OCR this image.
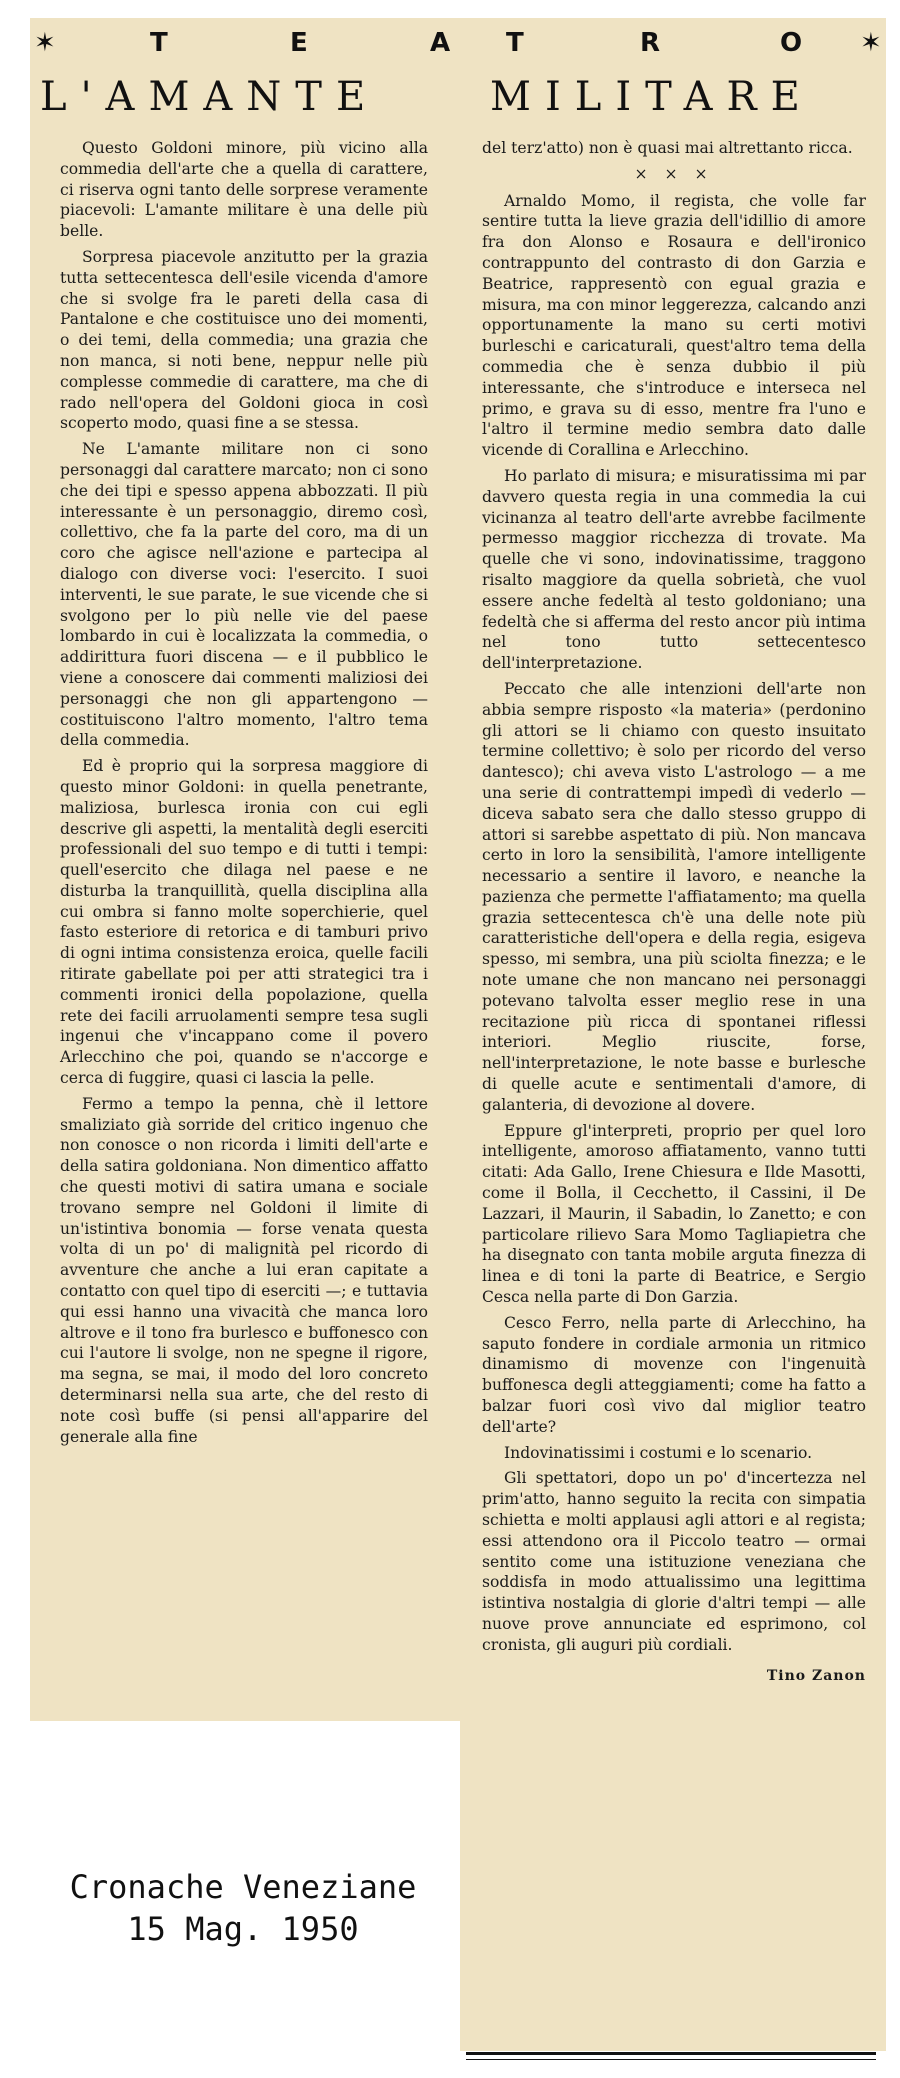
✶	T	E	A T	R	O ✶
L'AMANTE	MILITARE

Questo Goldoni minore, più vicino alla commedia dell'arte che a quella di carattere, ci riserva ogni tanto delle sorprese veramente piacevoli: L'amante militare è una delle più belle.

Sorpresa piacevole anzitutto per la grazia tutta settecentesca dell'esile vicenda d'amore che si svolge fra le pareti della casa di Pantalone e che costituisce uno dei momenti, o dei temi, della commedia; una grazia che non manca, si noti bene, neppur nelle più complesse commedie di carattere, ma che di rado nell'opera del Goldoni gioca in così scoperto modo, quasi fine a se stessa.

Ne L'amante militare non ci sono personaggi dal carattere marcato; non ci sono che dei tipi e spesso appena abbozzati. Il più interessante è un personaggio, diremo così, collettivo, che fa la parte del coro, ma di un coro che agisce nell'azione e partecipa al dialogo con diverse voci: l'esercito. I suoi interventi, le sue parate, le sue vicende che si svolgono per lo più nelle vie del paese lombardo in cui è localizzata la commedia, o addirittura fuori discena — e il pubblico le viene a conoscere dai commenti maliziosi dei personaggi che non gli appartengono — costituiscono l'altro momento, l'altro tema della commedia.

Ed è proprio qui la sorpresa maggiore di questo minor Goldoni: in quella penetrante, maliziosa, burlesca ironia con cui egli descrive gli aspetti, la mentalità degli eserciti professionali del suo tempo e di tutti i tempi: quell'esercito che dilaga nel paese e ne disturba la tranquillità, quella disciplina alla cui ombra si fanno molte soperchierie, quel fasto esteriore di retorica e di tamburi privo di ogni intima consistenza eroica, quelle facili ritirate gabellate poi per atti strategici tra i commenti ironici della popolazione, quella rete dei facili arruolamenti sempre tesa sugli ingenui che v'incappano come il povero Arlecchino che poi, quando se n'accorge e cerca di fuggire, quasi ci lascia la pelle.

Fermo a tempo la penna, chè il lettore smaliziato già sorride del critico ingenuo che non conosce o non ricorda i limiti dell'arte e della satira goldoniana. Non dimentico affatto che questi motivi di satira umana e sociale trovano sempre nel Goldoni il limite di un'istintiva bonomia — forse venata questa volta di un po' di malignità pel ricordo di avventure che anche a lui eran capitate a contatto con quel tipo di eserciti —; e tuttavia qui essi hanno una vivacità che manca loro altrove e il tono fra burlesco e buffonesco con cui l'autore li svolge, non ne spegne il rigore, ma segna, se mai, il modo del loro concreto determinarsi nella sua arte, che del resto di note così buffe (si pensi all'apparire del generale alla fine

del terz'atto) non è quasi mai altrettanto ricca.

× × ×

Arnaldo Momo, il regista, che volle far sentire tutta la lieve grazia dell'idillio di amore fra don Alonso e Rosaura e dell'ironico contrappunto del contrasto di don Garzia e Beatrice, rappresentò con egual grazia e misura, ma con minor leggerezza, calcando anzi opportunamente la mano su certi motivi burleschi e caricaturali, quest'altro tema della commedia che è senza dubbio il più interessante, che s'introduce e interseca nel primo, e grava su di esso, mentre fra l'uno e l'altro il termine medio sembra dato dalle vicende di Corallina e Arlecchino.

Ho parlato di misura; e misuratissima mi par davvero questa regia in una commedia la cui vicinanza al teatro dell'arte avrebbe facilmente permesso maggior ricchezza di trovate. Ma quelle che vi sono, indovinatissime, traggono risalto maggiore da quella sobrietà, che vuol essere anche fedeltà al testo goldoniano; una fedeltà che si afferma del resto ancor più intima nel tono tutto settecentesco dell'interpretazione.

Peccato che alle intenzioni dell'arte non abbia sempre risposto «la materia» (perdonino gli attori se li chiamo con questo insuitato termine collettivo; è solo per ricordo del verso dantesco); chi aveva visto L'astrologo — a me una serie di contrattempi impedì di vederlo — diceva sabato sera che dallo stesso gruppo di attori si sarebbe aspettato di più. Non mancava certo in loro la sensibilità, l'amore intelligente necessario a sentire il lavoro, e neanche la pazienza che permette l'affiatamento; ma quella grazia settecentesca ch'è una delle note più caratteristiche dell'opera e della regia, esigeva spesso, mi sembra, una più sciolta finezza; e le note umane che non mancano nei personaggi potevano talvolta esser meglio rese in una recitazione più ricca di spontanei riflessi interiori. Meglio riuscite, forse, nell'interpretazione, le note basse e burlesche di quelle acute e sentimentali d'amore, di galanteria, di devozione al dovere.

Eppure gl'interpreti, proprio per quel loro intelligente, amoroso affiatamento, vanno tutti citati: Ada Gallo, Irene Chiesura e Ilde Masotti, come il Bolla, il Cecchetto, il Cassini, il De Lazzari, il Maurin, il Sabadin, lo Zanetto; e con particolare rilievo Sara Momo Tagliapietra che ha disegnato con tanta mobile arguta finezza di linea e di toni la parte di Beatrice, e Sergio Cesca nella parte di Don Garzia.

Cesco Ferro, nella parte di Arlecchino, ha saputo fondere in cordiale armonia un ritmico dinamismo di movenze con l'ingenuità buffonesca degli atteggiamenti; come ha fatto a balzar fuori così vivo dal miglior teatro dell'arte?

Indovinatissimi i costumi e lo scenario.

Gli spettatori, dopo un po' d'incertezza nel prim'atto, hanno seguito la recita con simpatia schietta e molti applausi agli attori e al regista; essi attendono ora il Piccolo teatro — ormai sentito come una istituzione veneziana che soddisfa in modo attualissimo una legittima istintiva nostalgia di glorie d'altri tempi — alle nuove prove annunciate ed esprimono, col cronista, gli auguri più cordiali.

Tino Zanon

Cronache Veneziane
15 Mag. 1950
